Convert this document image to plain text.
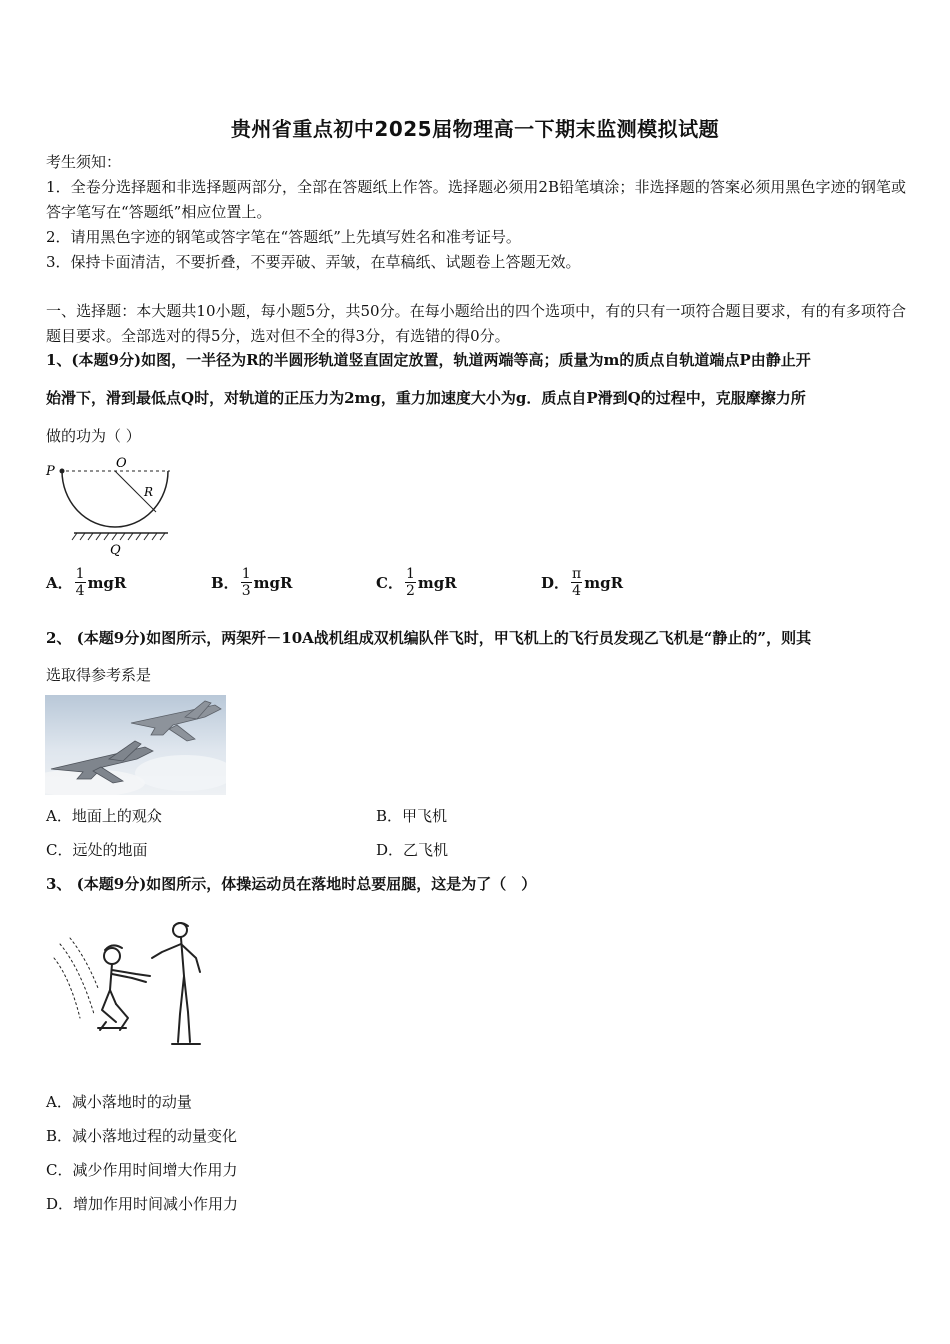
贵州省重点初中2025届物理高一下期末监测模拟试题
考生须知：
1．全卷分选择题和非选择题两部分，全部在答题纸上作答。选择题必须用2B铅笔填涂；非选择题的答案必须用黑色字迹的钢笔或答字笔写在“答题纸”相应位置上。
2．请用黑色字迹的钢笔或答字笔在“答题纸”上先填写姓名和准考证号。
3．保持卡面清洁，不要折叠，不要弄破、弄皱，在草稿纸、试题卷上答题无效。
一、选择题：本大题共10小题，每小题5分，共50分。在每小题给出的四个选项中，有的只有一项符合题目要求，有的有多项符合题目要求。全部选对的得5分，选对但不全的得3分，有选错的得0分。
1、(本题9分)如图，一半径为R的半圆形轨道竖直固定放置，轨道两端等高；质量为m的质点自轨道端点P由静止开
始滑下，滑到最低点Q时，对轨道的正压力为2mg，重力加速度大小为g．质点自P滑到Q的过程中，克服摩擦力所
做的功为（ ）
P
O
R
Q
A． $\frac{1}{4}$ mgR	B． $\frac{1}{3}$ mgR	C． $\frac{1}{2}$ mgR	D． $\frac{\pi}{4}$ mgR
2、 (本题9分)如图所示，两架歼－10A战机组成双机编队伴飞时，甲飞机上的飞行员发现乙飞机是“静止的”，则其
选取得参考系是
A．地面上的观众	B．甲飞机
C．远处的地面	D．乙飞机
3、 (本题9分)如图所示，体操运动员在落地时总要屈腿，这是为了（　）
A．减小落地时的动量
B．减小落地过程的动量变化
C．减少作用时间增大作用力
D．增加作用时间减小作用力
